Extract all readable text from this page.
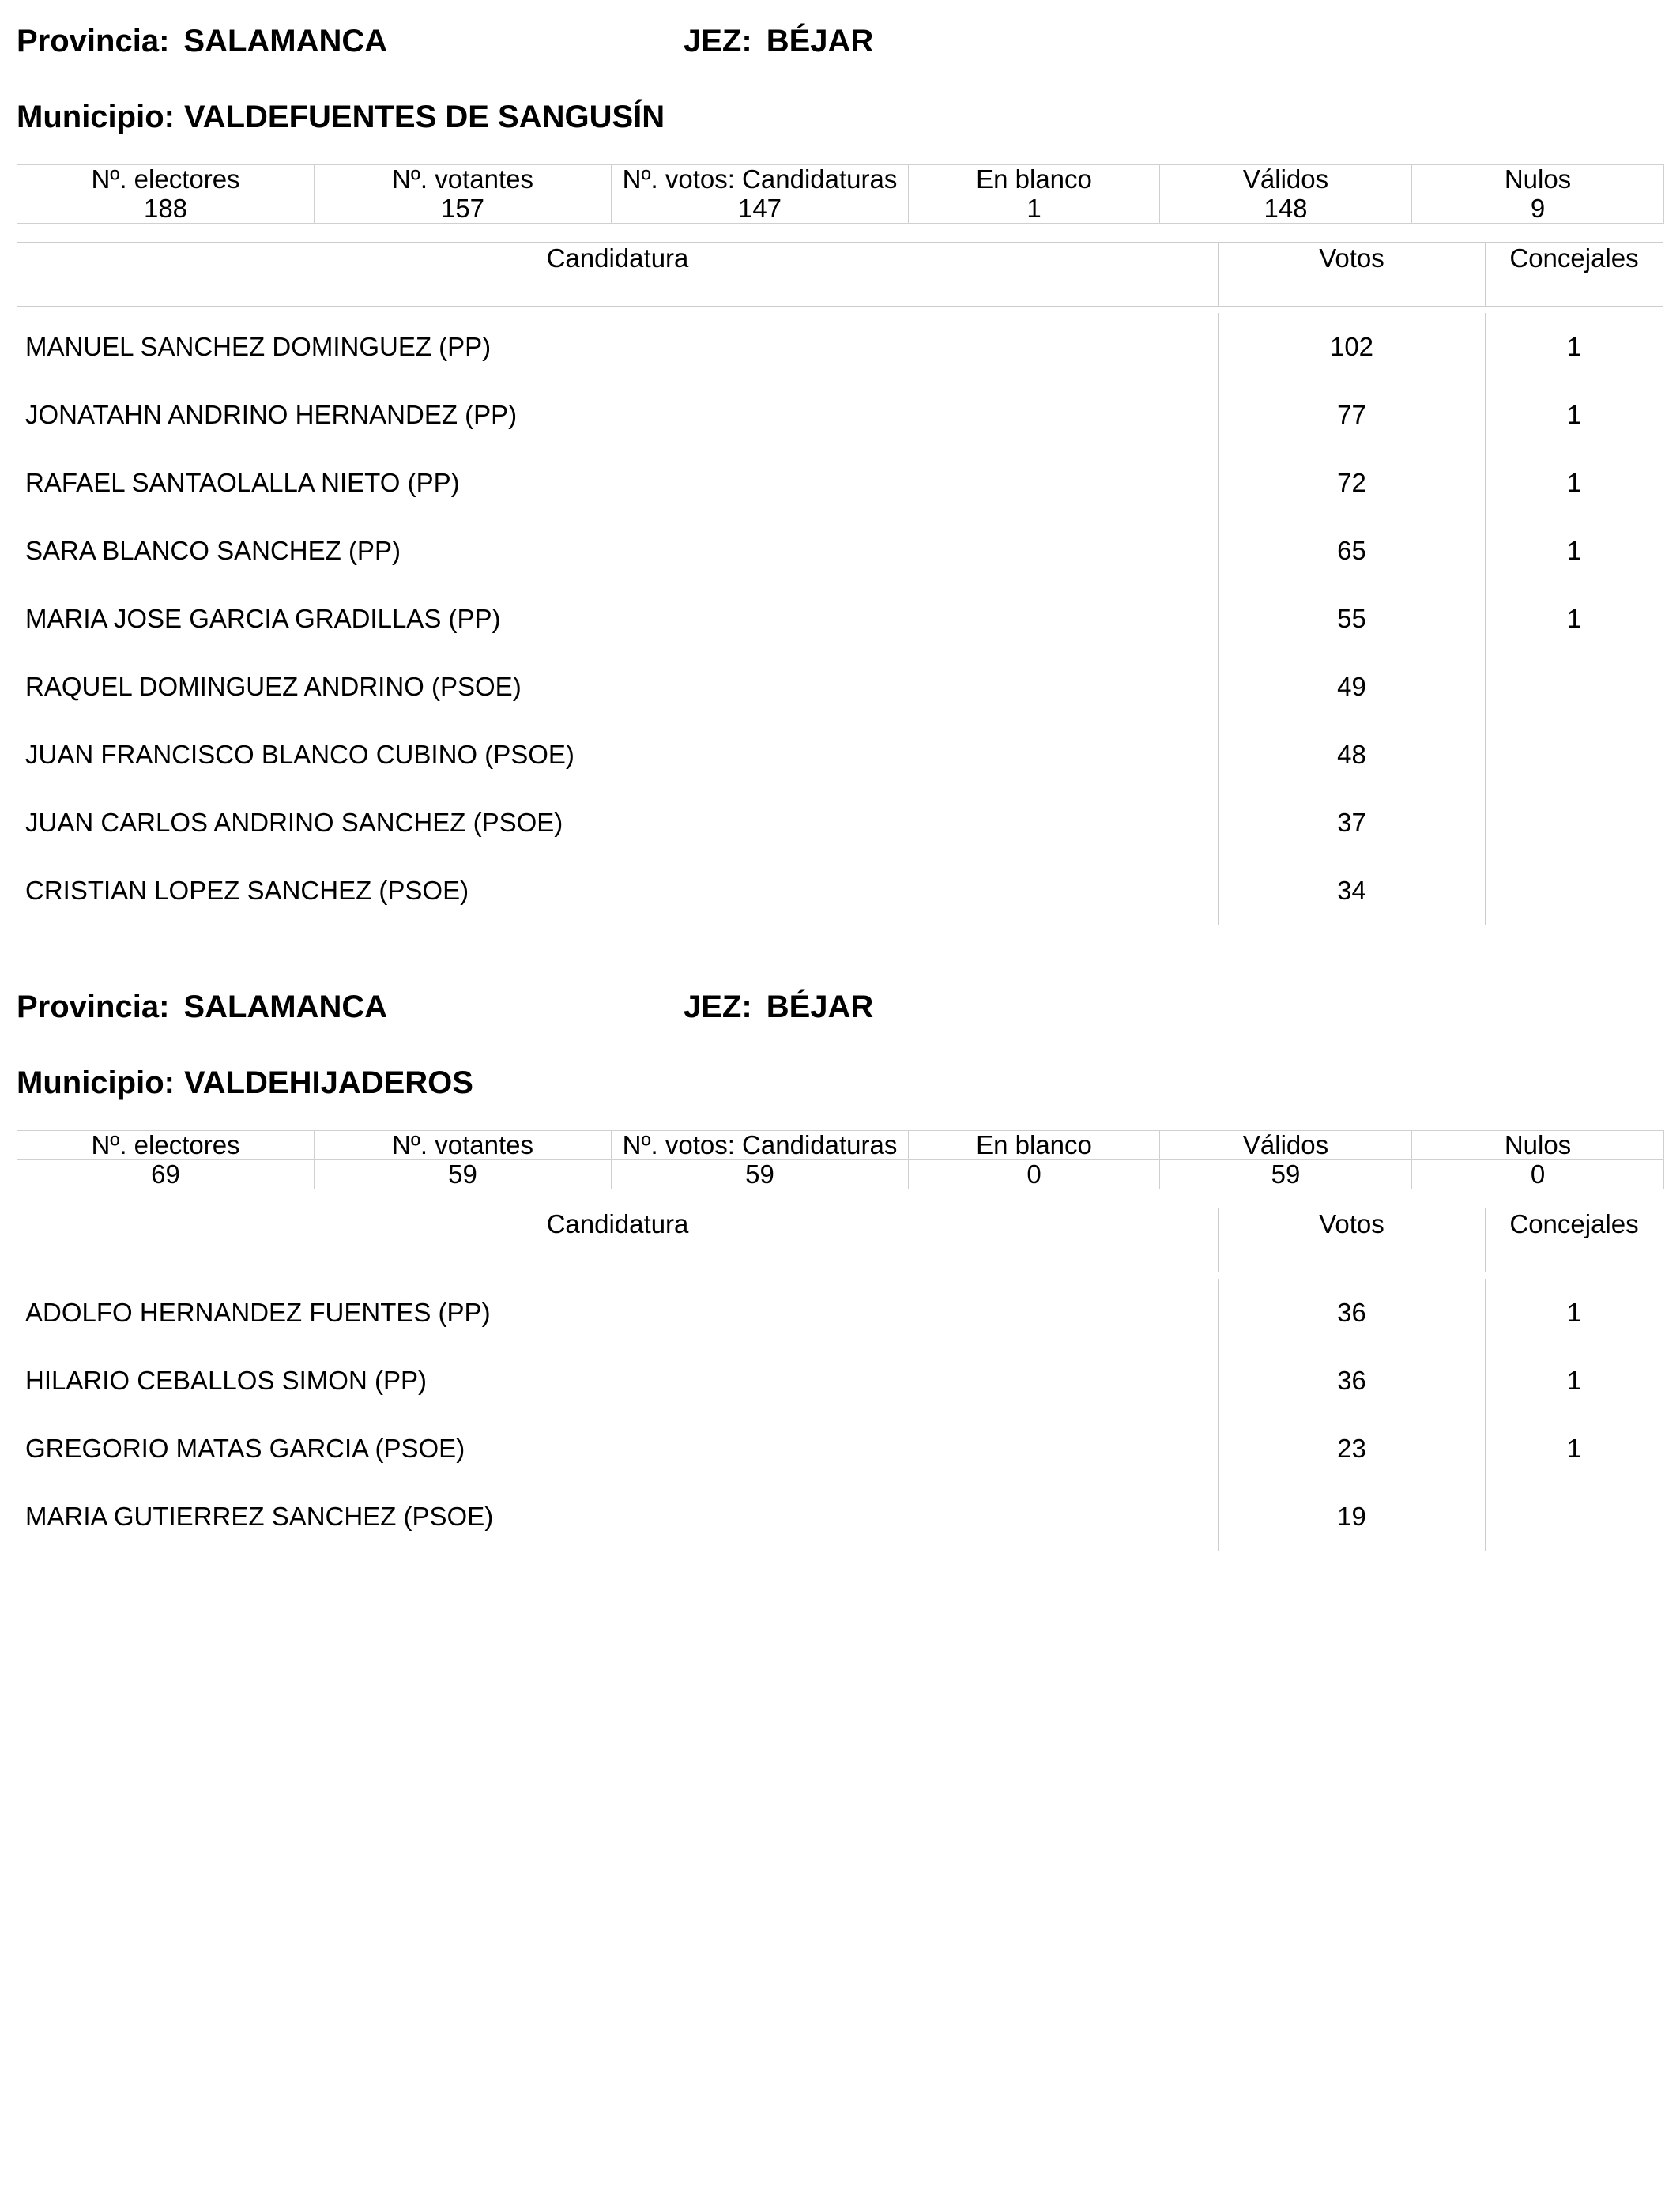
Provincia: SALAMANCA	JEZ: BÉJAR
Municipio: VALDEFUENTES DE SANGUSÍN
Nº. electores	Nº. votantes	Nº. votos: Candidaturas	En blanco	Válidos	Nulos
188	157	147	1	148	9
Candidatura	Votos	Concejales
MANUEL SANCHEZ DOMINGUEZ (PP)	102	1
JONATAHN ANDRINO HERNANDEZ (PP)	77	1
RAFAEL SANTAOLALLA NIETO (PP)	72	1
SARA BLANCO SANCHEZ (PP)	65	1
MARIA JOSE GARCIA GRADILLAS (PP)	55	1
RAQUEL DOMINGUEZ ANDRINO (PSOE)	49
JUAN FRANCISCO BLANCO CUBINO (PSOE)	48
JUAN CARLOS ANDRINO SANCHEZ (PSOE)	37
CRISTIAN LOPEZ SANCHEZ (PSOE)	34
Provincia: SALAMANCA	JEZ: BÉJAR
Municipio: VALDEHIJADEROS
Nº. electores	Nº. votantes	Nº. votos: Candidaturas	En blanco	Válidos	Nulos
69	59	59	0	59	0
Candidatura	Votos	Concejales
ADOLFO HERNANDEZ FUENTES (PP)	36	1
HILARIO CEBALLOS SIMON (PP)	36	1
GREGORIO MATAS GARCIA (PSOE)	23	1
MARIA GUTIERREZ SANCHEZ (PSOE)	19
